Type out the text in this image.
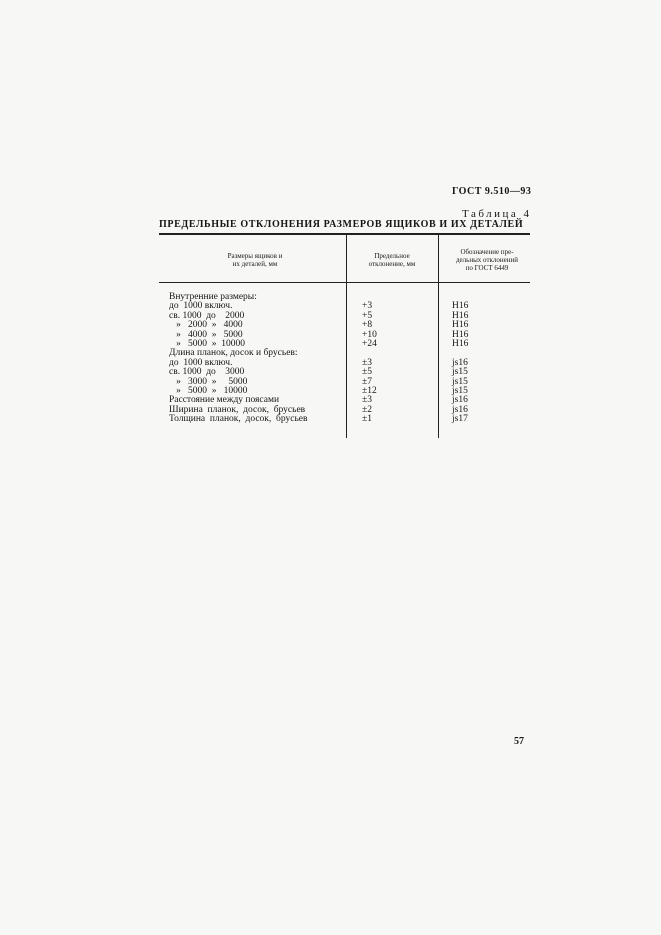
ГОСТ 9.510—93
Таблица 4
ПРЕДЕЛЬНЫЕ ОТКЛОНЕНИЯ РАЗМЕРОВ ЯЩИКОВ И ИХ ДЕТАЛЕЙ
Размеры ящиков и
их деталей, мм
Предельное
отклонение, мм
Обозначение пре-
дельных отклонений
по ГОСТ 6449
Внутренние размеры:
до  1000 включ.
св. 1000  до    2000
»   2000  »   4000
»   4000  »   5000
»   5000  »  10000
Длина планок, досок и брусьев:
до  1000 включ.
св. 1000  до    3000
»   3000  »     5000
»   5000  »   10000
Расстояние между поясами
Ширина  планок,  досок,  брусьев
Толщина  планок,  досок,  брусьев
+3
+5
+8
+10
+24
±3
±5
±7
±12
±3
±2
±1
H16
H16
H16
H16
H16
js16
js15
js15
js15
js16
js16
js17
57
